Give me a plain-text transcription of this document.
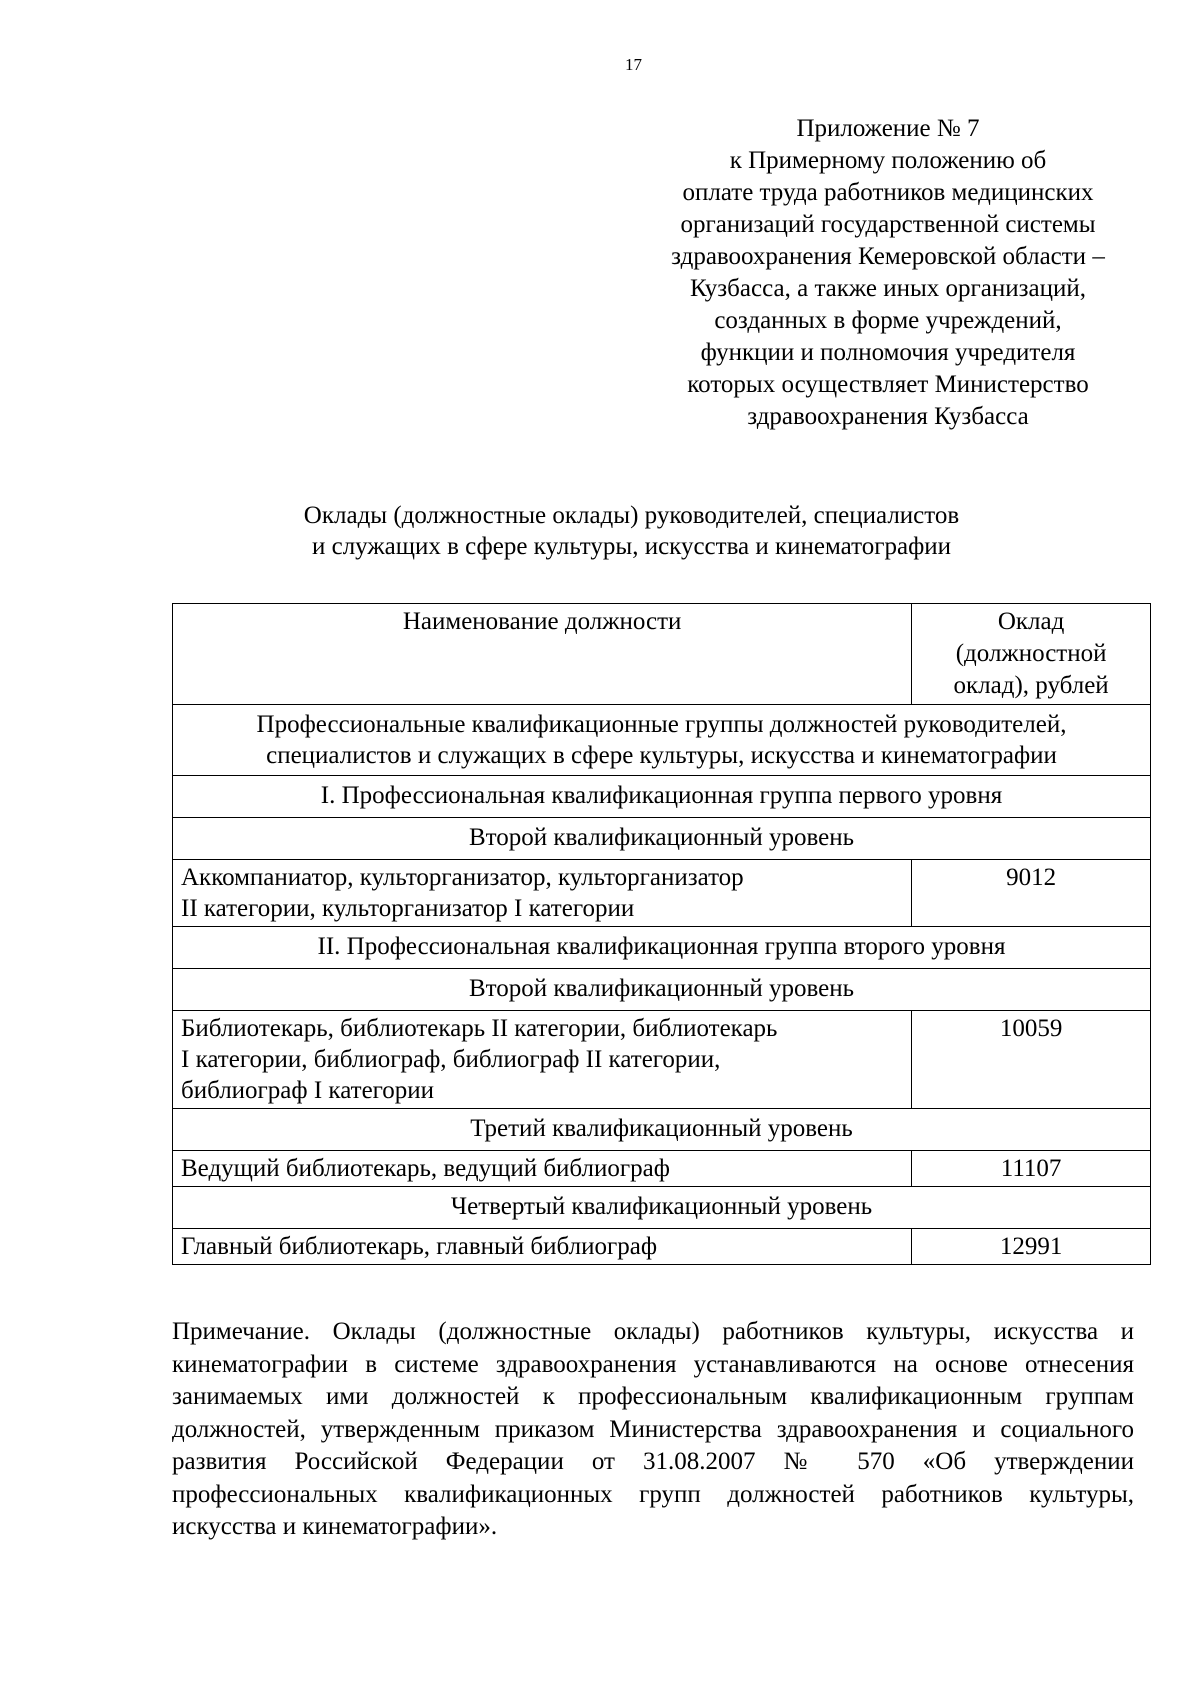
17
Приложение № 7
к Примерному положению об
оплате труда работников медицинских
организаций государственной системы
здравоохранения Кемеровской области –
Кузбасса, а также иных организаций,
созданных в форме учреждений,
функции и полномочия учредителя
которых осуществляет Министерство
здравоохранения Кузбасса
Оклады (должностные оклады) руководителей, специалистов
и служащих в сфере культуры, искусства и кинематографии
Наименование должности	Оклад
(должностной
оклад), рублей

Профессиональные квалификационные группы должностей руководителей,
специалистов и служащих в сфере культуры, искусства и кинематографии	

I. Профессиональная квалификационная группа первого уровня	
Второй квалификационный уровень	

Аккомпаниатор, культорганизатор, культорганизатор
II категории, культорганизатор I категории	9012
II. Профессиональная квалификационная группа второго уровня	
Второй квалификационный уровень	

Библиотекарь, библиотекарь II категории, библиотекарь
I категории, библиограф, библиограф II категории,
библиограф I категории	10059
Третий квалификационный уровень	
Ведущий библиотекарь, ведущий библиограф	11107
Четвертый квалификационный уровень	
Главный библиотекарь, главный библиограф	12991
Примечание. Оклады (должностные оклады) работников культуры, искусства и кинематографии в системе здравоохранения устанавливаются на основе отнесения занимаемых ими должностей к профессиональным квалификационным группам должностей, утвержденным приказом Министерства здравоохранения и социального развития Российской Федерации от 31.08.2007 № 570 «Об утверждении профессиональных квалификационных групп должностей работников культуры, искусства и кинематографии».
